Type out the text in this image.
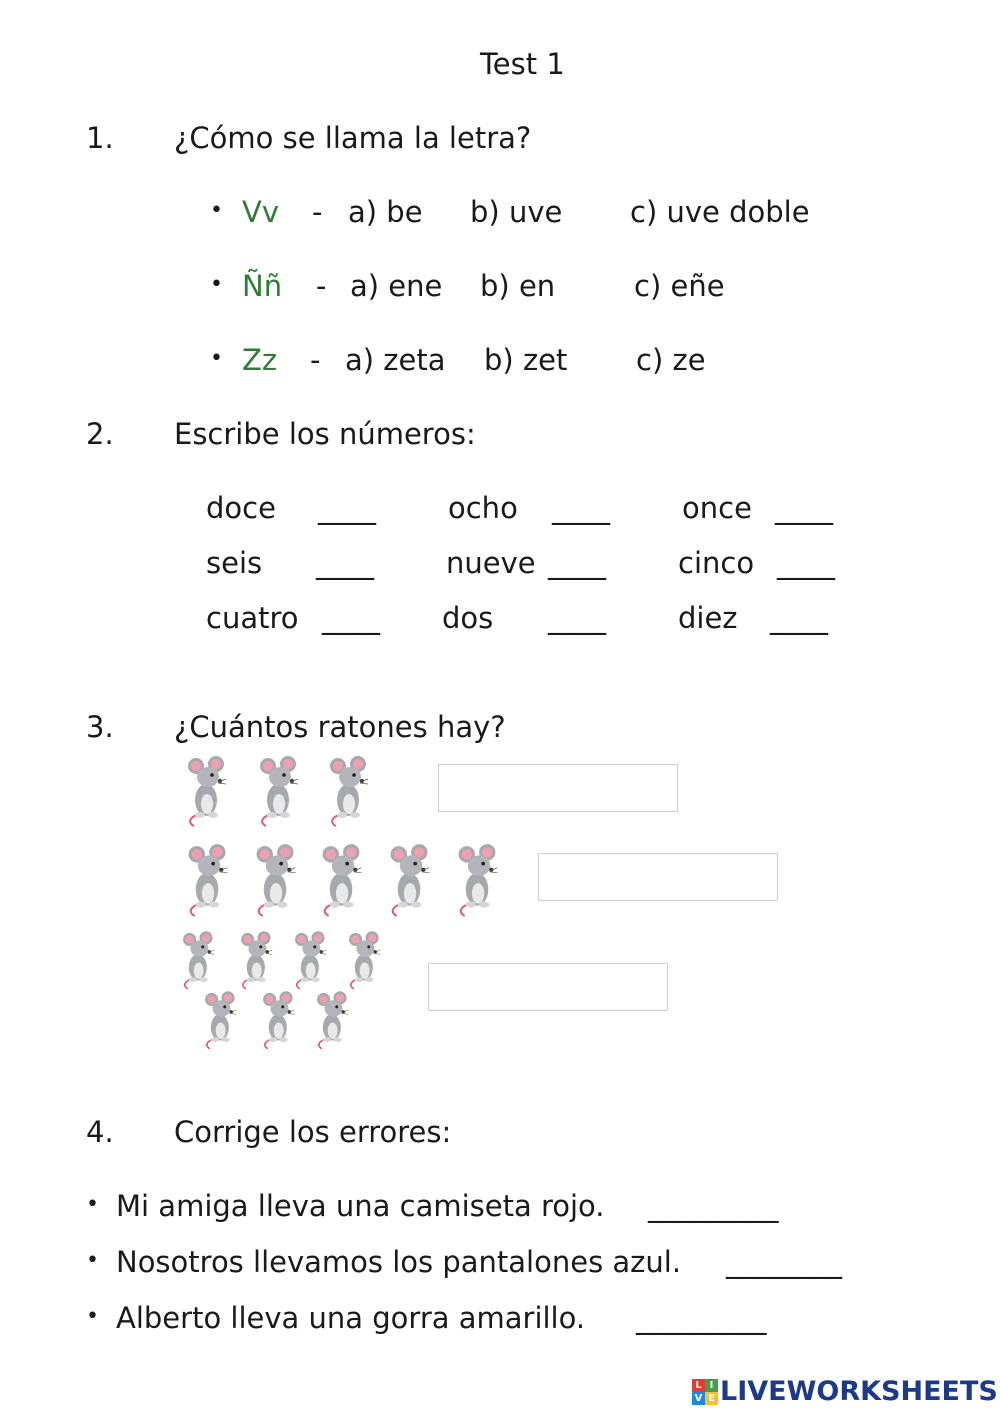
Test 1
1. ¿Cómo se llama la letra?
• Vv - a) be b) uve c) uve doble
• Ññ - a) ene b) en	c) eñe
• Zz - a) zeta b) zet c) ze
2. Escribe los números:
doce ____ ocho ____ once ____
seis ____ nueve ____ cinco ____
cuatro ____ dos ____ diez ____
3. ¿Cuántos ratones hay?
4. Corrige los errores:
• Mi amiga lleva una camiseta rojo. _________
• Nosotros llevamos los pantalones azul. ________
• Alberto lleva una gorra amarillo. _________
L I
V E LIVEWORKSHEETS
